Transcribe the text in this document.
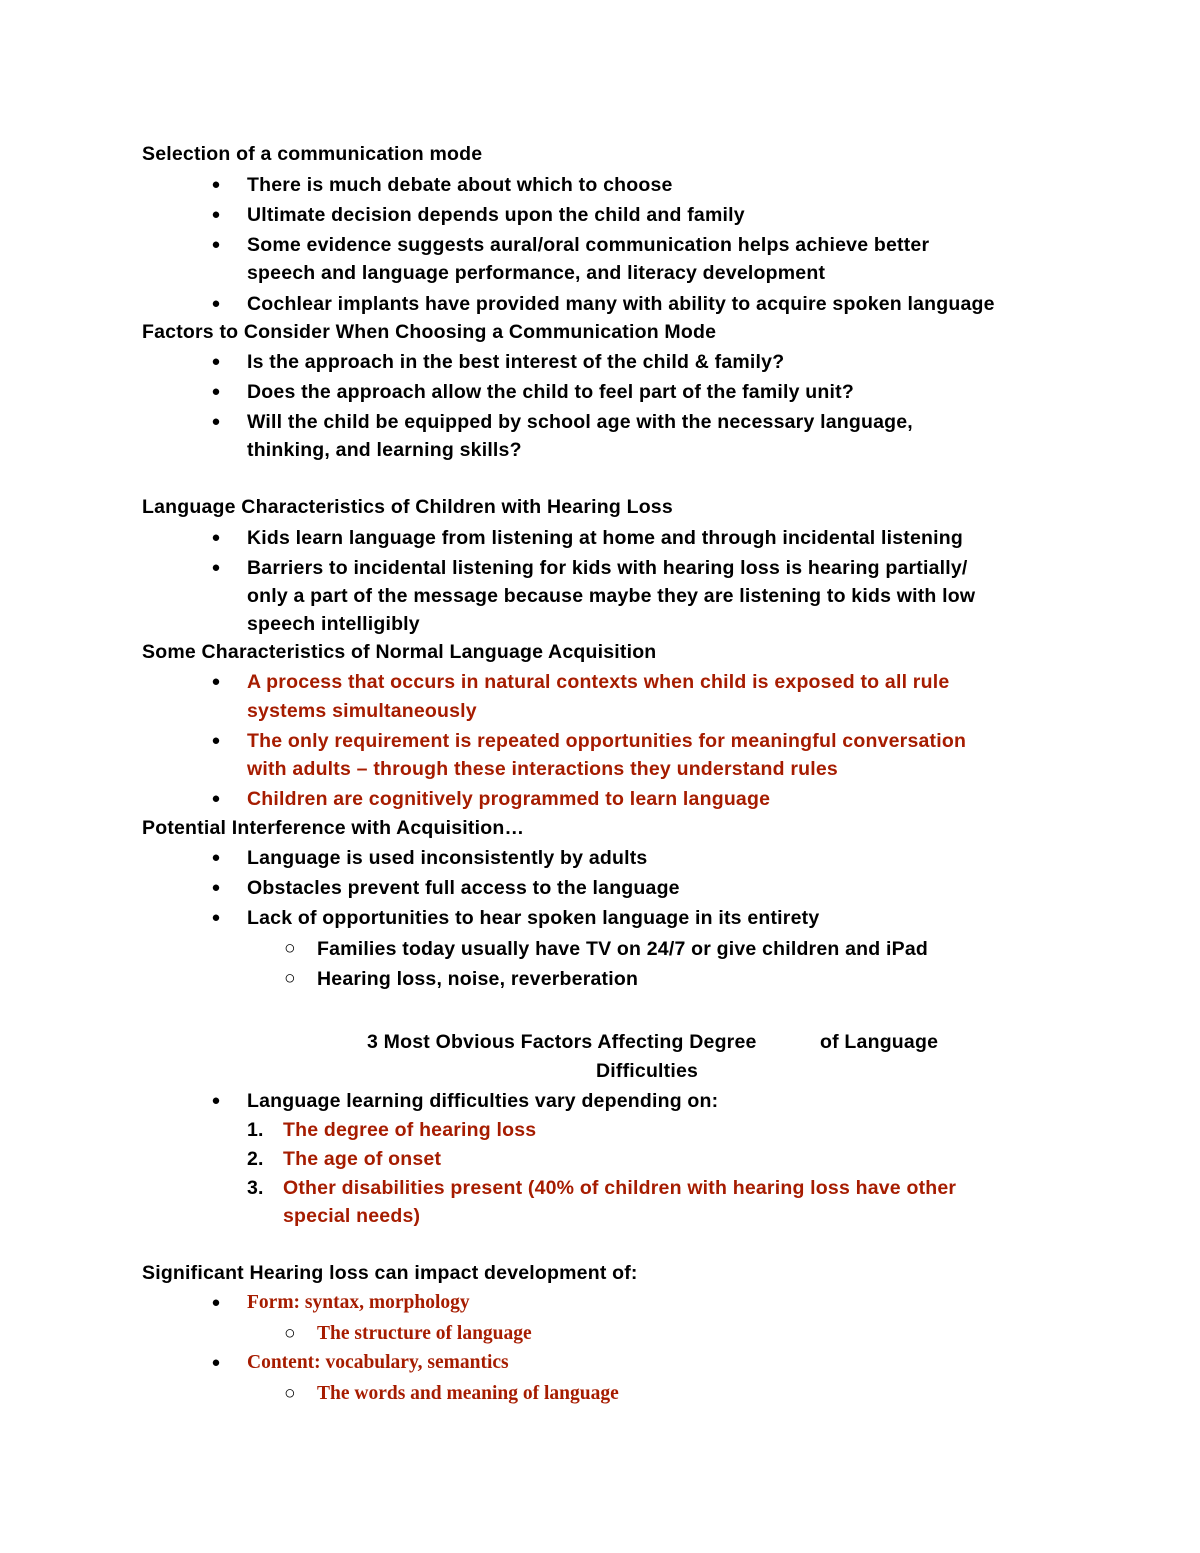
Selection of a communication mode
● There is much debate about which to choose
● Ultimate decision depends upon the child and family
● Some evidence suggests aural/oral communication helps achieve better
speech and language performance, and literacy development
● Cochlear implants have provided many with ability to acquire spoken language
Factors to Consider When Choosing a Communication Mode
● Is the approach in the best interest of the child & family?
● Does the approach allow the child to feel part of the family unit?
● Will the child be equipped by school age with the necessary language,
thinking, and learning skills?
Language Characteristics of Children with Hearing Loss
● Kids learn language from listening at home and through incidental listening
● Barriers to incidental listening for kids with hearing loss is hearing partially/
only a part of the message because maybe they are listening to kids with low
speech intelligibly
Some Characteristics of Normal Language Acquisition
● A process that occurs in natural contexts when child is exposed to all rule
systems simultaneously
● The only requirement is repeated opportunities for meaningful conversation
with adults – through these interactions they understand rules
● Children are cognitively programmed to learn language
Potential Interference with Acquisition…
● Language is used inconsistently by adults
● Obstacles prevent full access to the language
● Lack of opportunities to hear spoken language in its entirety
○ Families today usually have TV on 24/7 or give children and iPad
○ Hearing loss, noise, reverberation
3 Most Obvious Factors Affecting Degree	of Language
Difficulties
● Language learning difficulties vary depending on:
1. The degree of hearing loss
2. The age of onset
3. Other disabilities present (40% of children with hearing loss have other
special needs)
Significant Hearing loss can impact development of:
● Form: syntax, morphology
○ The structure of language
● Content: vocabulary, semantics
○ The words and meaning of language
